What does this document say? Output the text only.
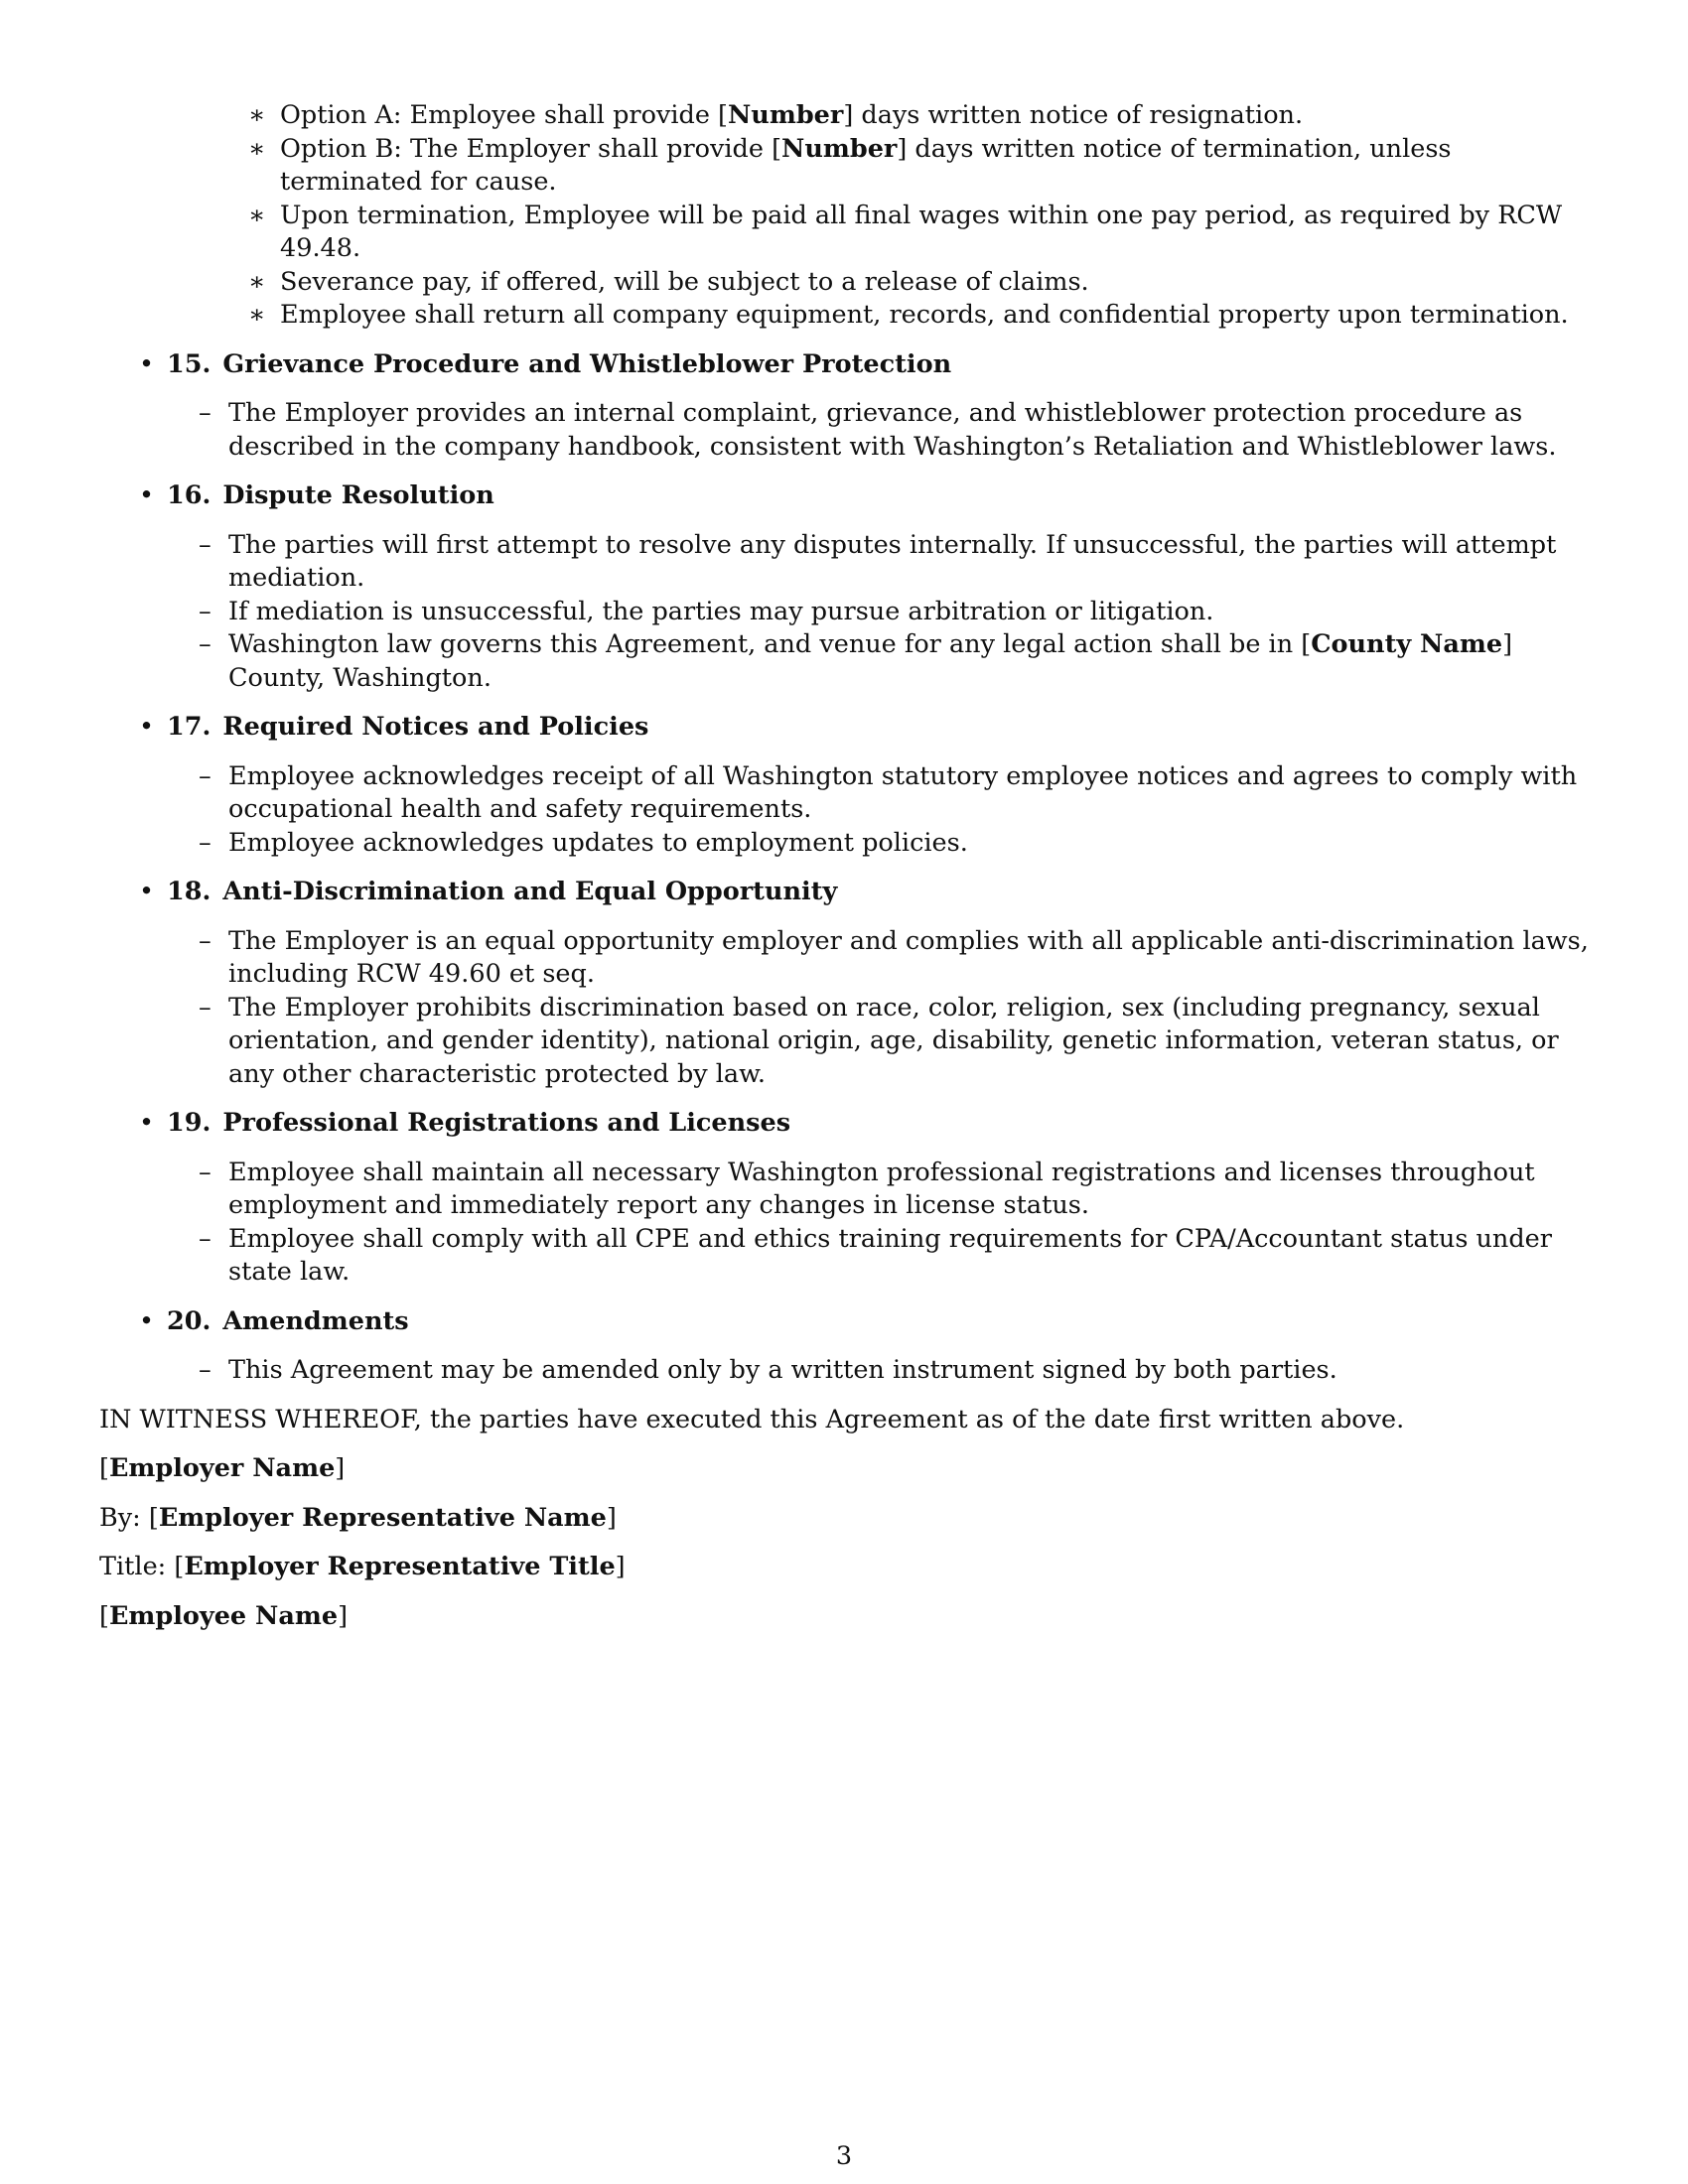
∗ Option A: Employee shall provide [Number] days written notice of resignation.
∗ Option B: The Employer shall provide [Number] days written notice of termination, unless terminated for cause.
∗ Upon termination, Employee will be paid all final wages within one pay period, as required by RCW 49.48.
∗ Severance pay, if offered, will be subject to a release of claims.
∗ Employee shall return all company equipment, records, and confidential property upon termination.
• 15. Grievance Procedure and Whistleblower Protection
– The Employer provides an internal complaint, grievance, and whistleblower protection procedure as described in the company handbook, consistent with Washington’s Retaliation and Whistleblower laws.
• 16. Dispute Resolution
– The parties will first attempt to resolve any disputes internally. If unsuccessful, the parties will attempt mediation.
– If mediation is unsuccessful, the parties may pursue arbitration or litigation.
– Washington law governs this Agreement, and venue for any legal action shall be in [County Name] County, Washington.
• 17. Required Notices and Policies
– Employee acknowledges receipt of all Washington statutory employee notices and agrees to comply with occupational health and safety requirements.
– Employee acknowledges updates to employment policies.
• 18. Anti-Discrimination and Equal Opportunity
– The Employer is an equal opportunity employer and complies with all applicable anti-discrimination laws, including RCW 49.60 et seq.
– The Employer prohibits discrimination based on race, color, religion, sex (including pregnancy, sexual orientation, and gender identity), national origin, age, disability, genetic information, veteran status, or any other characteristic protected by law.
• 19. Professional Registrations and Licenses
– Employee shall maintain all necessary Washington professional registrations and licenses throughout employment and immediately report any changes in license status.
– Employee shall comply with all CPE and ethics training requirements for CPA/Accountant status under state law.
• 20. Amendments
– This Agreement may be amended only by a written instrument signed by both parties.
IN WITNESS WHEREOF, the parties have executed this Agreement as of the date first written above.
[Employer Name]
By: [Employer Representative Name]
Title: [Employer Representative Title]
[Employee Name]
3
